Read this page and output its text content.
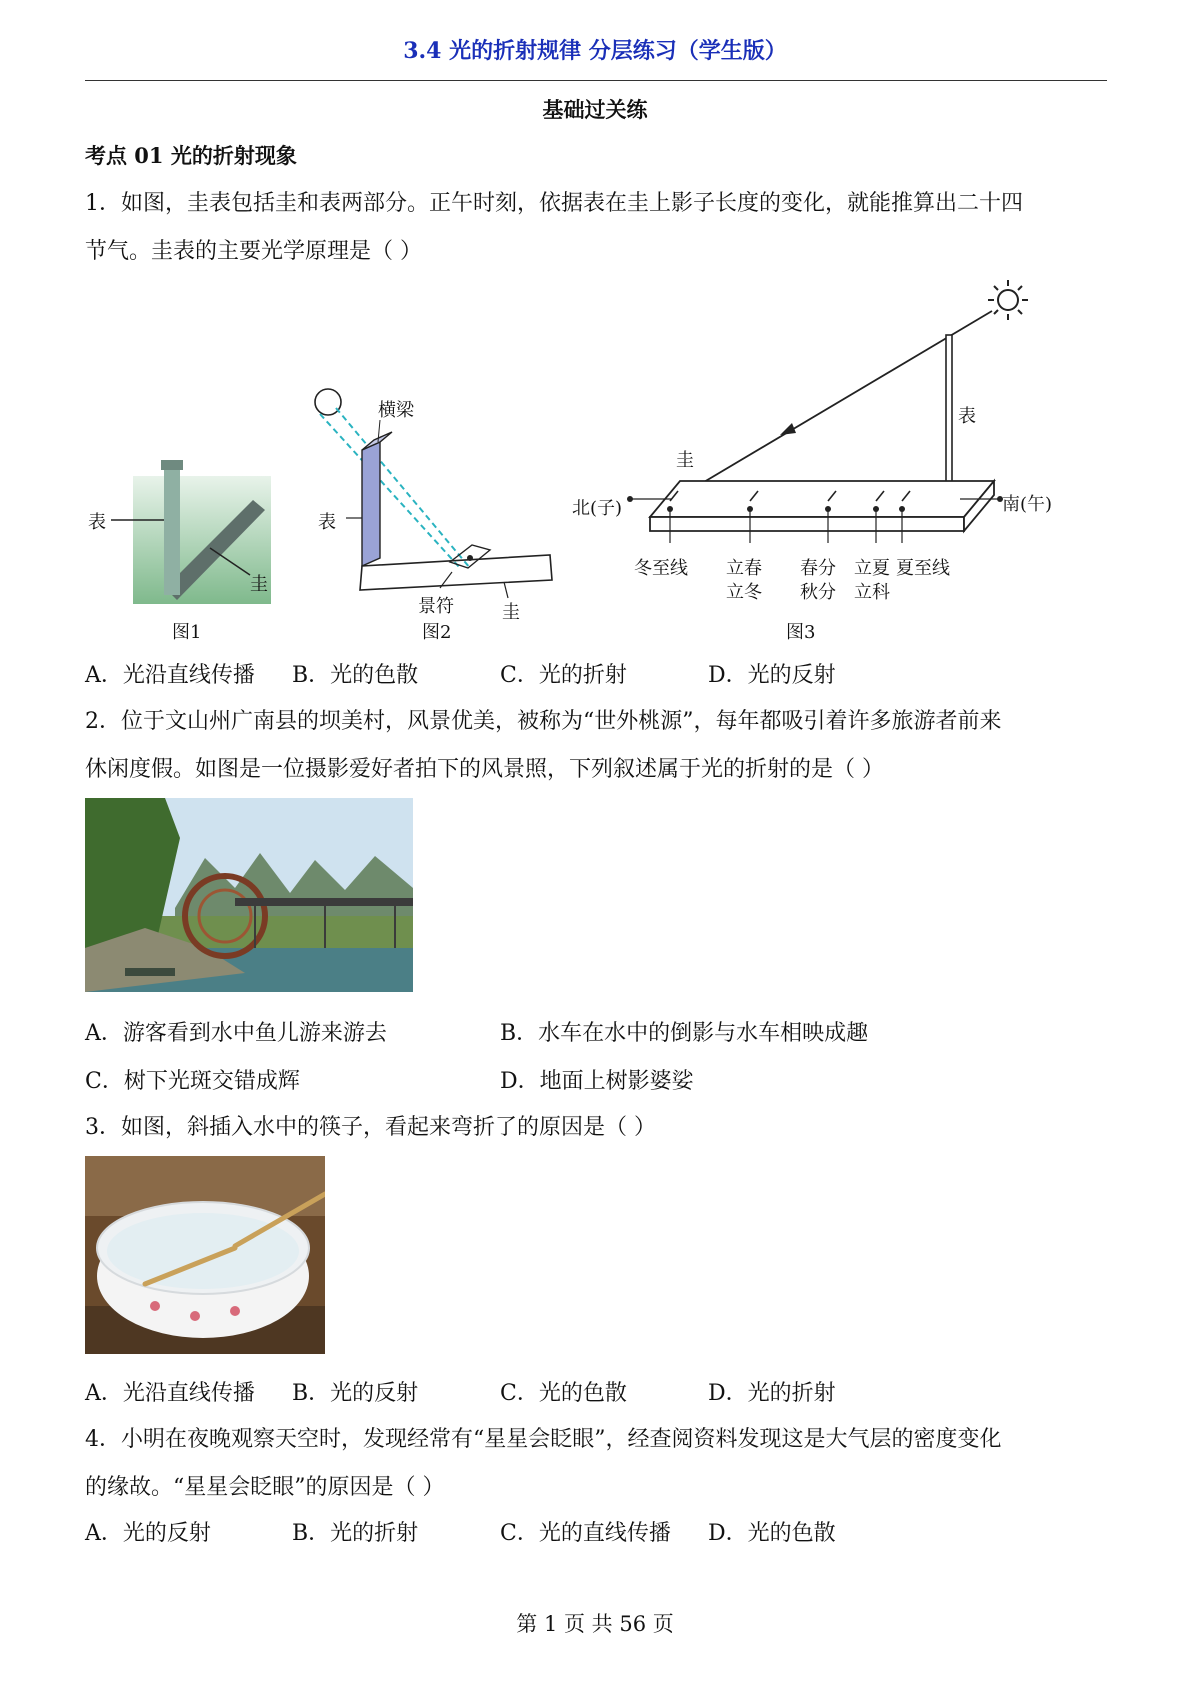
3.4 光的折射规律 分层练习（学生版）
基础过关练
考点 01 光的折射现象
1．如图，圭表包括圭和表两部分。正午时刻，依据表在圭上影子长度的变化，就能推算出二十四
节气。圭表的主要光学原理是（ ）
表
圭
图1
横梁
表
景符	圭
图2
表
圭
北(子)	南(午)
冬至线 立春 春分 立夏 夏至线
立冬 秋分 立科
图3
A．光沿直线传播 B．光的色散	C．光的折射	D．光的反射
2．位于文山州广南县的坝美村，风景优美，被称为“世外桃源”，每年都吸引着许多旅游者前来
休闲度假。如图是一位摄影爱好者拍下的风景照，下列叙述属于光的折射的是（ ）
A．游客看到水中鱼儿游来游去	B．水车在水中的倒影与水车相映成趣
C．树下光斑交错成辉	D．地面上树影婆娑
3．如图，斜插入水中的筷子，看起来弯折了的原因是（ ）
A．光沿直线传播 B．光的反射	C．光的色散	D．光的折射
4．小明在夜晚观察天空时，发现经常有“星星会眨眼”，经查阅资料发现这是大气层的密度变化
的缘故。“星星会眨眼”的原因是（ ）
A．光的反射	B．光的折射	C．光的直线传播 D．光的色散
第 1 页 共 56 页
